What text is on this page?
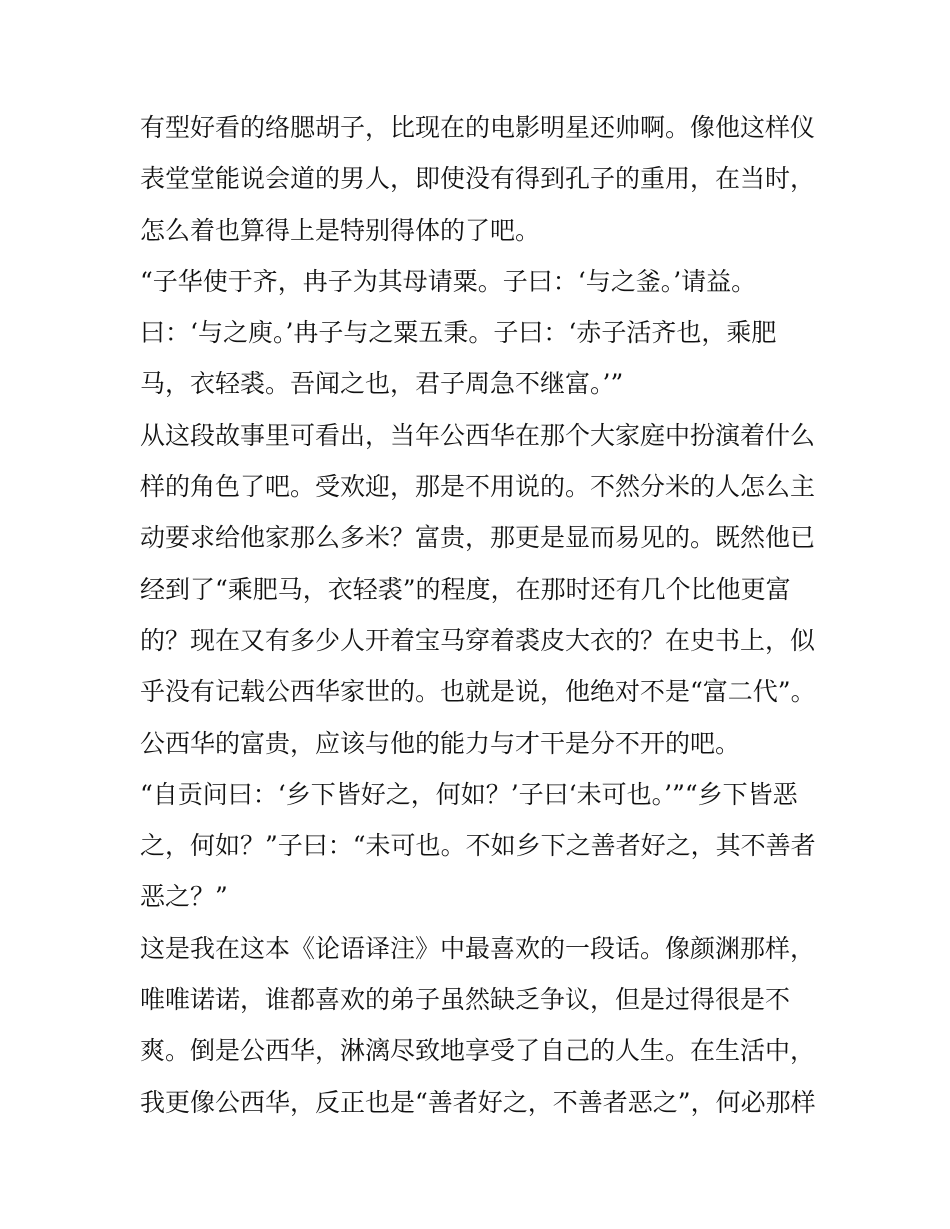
有型好看的络腮胡子，比现在的电影明星还帅啊。像他这样仪
表堂堂能说会道的男人，即使没有得到孔子的重用，在当时，
怎么着也算得上是特别得体的了吧。
“子华使于齐，冉子为其母请粟。子曰：‘与之釜。’请益。
曰：‘与之庾。’冉子与之粟五秉。子曰：‘赤子活齐也，乘肥
马，衣轻裘。吾闻之也，君子周急不继富。’”
从这段故事里可看出，当年公西华在那个大家庭中扮演着什么
样的角色了吧。受欢迎，那是不用说的。不然分米的人怎么主
动要求给他家那么多米？富贵，那更是显而易见的。既然他已
经到了“乘肥马，衣轻裘”的程度，在那时还有几个比他更富
的？现在又有多少人开着宝马穿着裘皮大衣的？在史书上，似
乎没有记载公西华家世的。也就是说，他绝对不是“富二代”。
公西华的富贵，应该与他的能力与才干是分不开的吧。
“自贡问曰：‘乡下皆好之，何如？’子曰‘未可也。’”“乡下皆恶
之，何如？”子曰：“未可也。不如乡下之善者好之，其不善者
恶之？”
这是我在这本《论语译注》中最喜欢的一段话。像颜渊那样，
唯唯诺诺，谁都喜欢的弟子虽然缺乏争议，但是过得很是不
爽。倒是公西华，淋漓尽致地享受了自己的人生。在生活中，
我更像公西华，反正也是“善者好之，不善者恶之”，何必那样
